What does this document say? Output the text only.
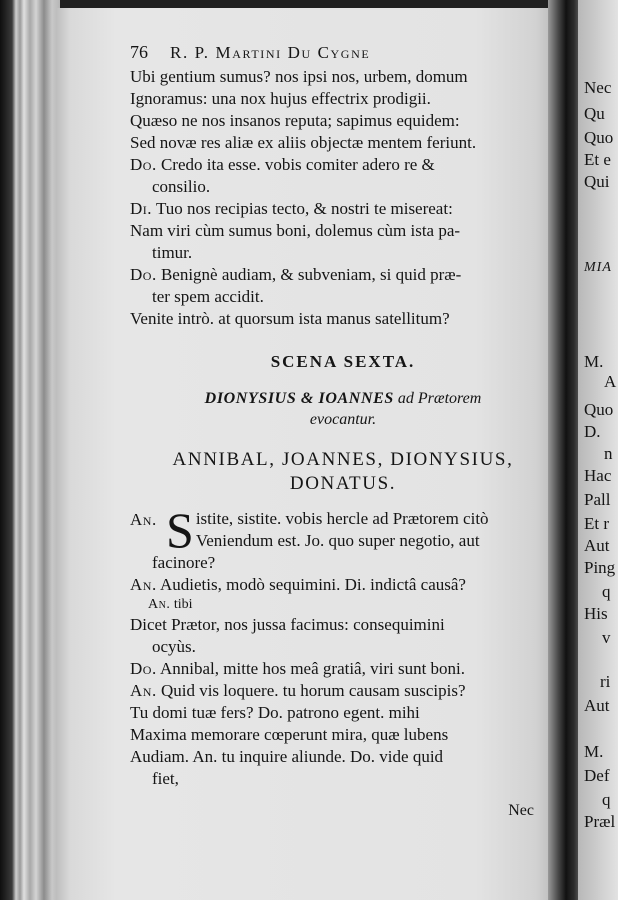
Nec
Qu
Quo
Et e
Qui
MIA
M.
A
Quo
D.
n
Hac
Pall
Et r
Aut
Ping
q
His
v
ri
Aut
M.
Def
q
Præl
76 R. P. Martini Du Cygne
Ubi gentium sumus? nos ipsi nos, urbem, domum
Ignoramus: una nox hujus effectrix prodigii.
Quæso ne nos insanos reputa; sapimus equidem:
Sed novæ res aliæ ex aliis objectæ mentem feriunt.
Do. Credo ita esse. vobis comiter adero re &
consilio.
Di. Tuo nos recipias tecto, & nostri te misereat:
Nam viri cùm sumus boni, dolemus cùm ista pa-
timur.
Do. Benignè audiam, & subveniam, si quid præ-
ter spem accidit.
Venite intrò. at quorsum ista manus satellitum?
SCENA SEXTA.
DIONYSIUS & IOANNES ad Prætorem
evocantur.
ANNIBAL, JOANNES, DIONYSIUS,
DONATUS.
An. S istite, sistite. vobis hercle ad Prætorem citò
Veniendum est. Jo. quo super negotio, aut
facinore?
An. Audietis, modò sequimini. Di. indictâ causâ?
An. tibi
Dicet Prætor, nos jussa facimus: consequimini
ocyùs.
Do. Annibal, mitte hos meâ gratiâ, viri sunt boni.
An. Quid vis loquere. tu horum causam suscipis?
Tu domi tuæ fers? Do. patrono egent. mihi
Maxima memorare cœperunt mira, quæ lubens
Audiam. An. tu inquire aliunde. Do. vide quid
fiet,
Nec
